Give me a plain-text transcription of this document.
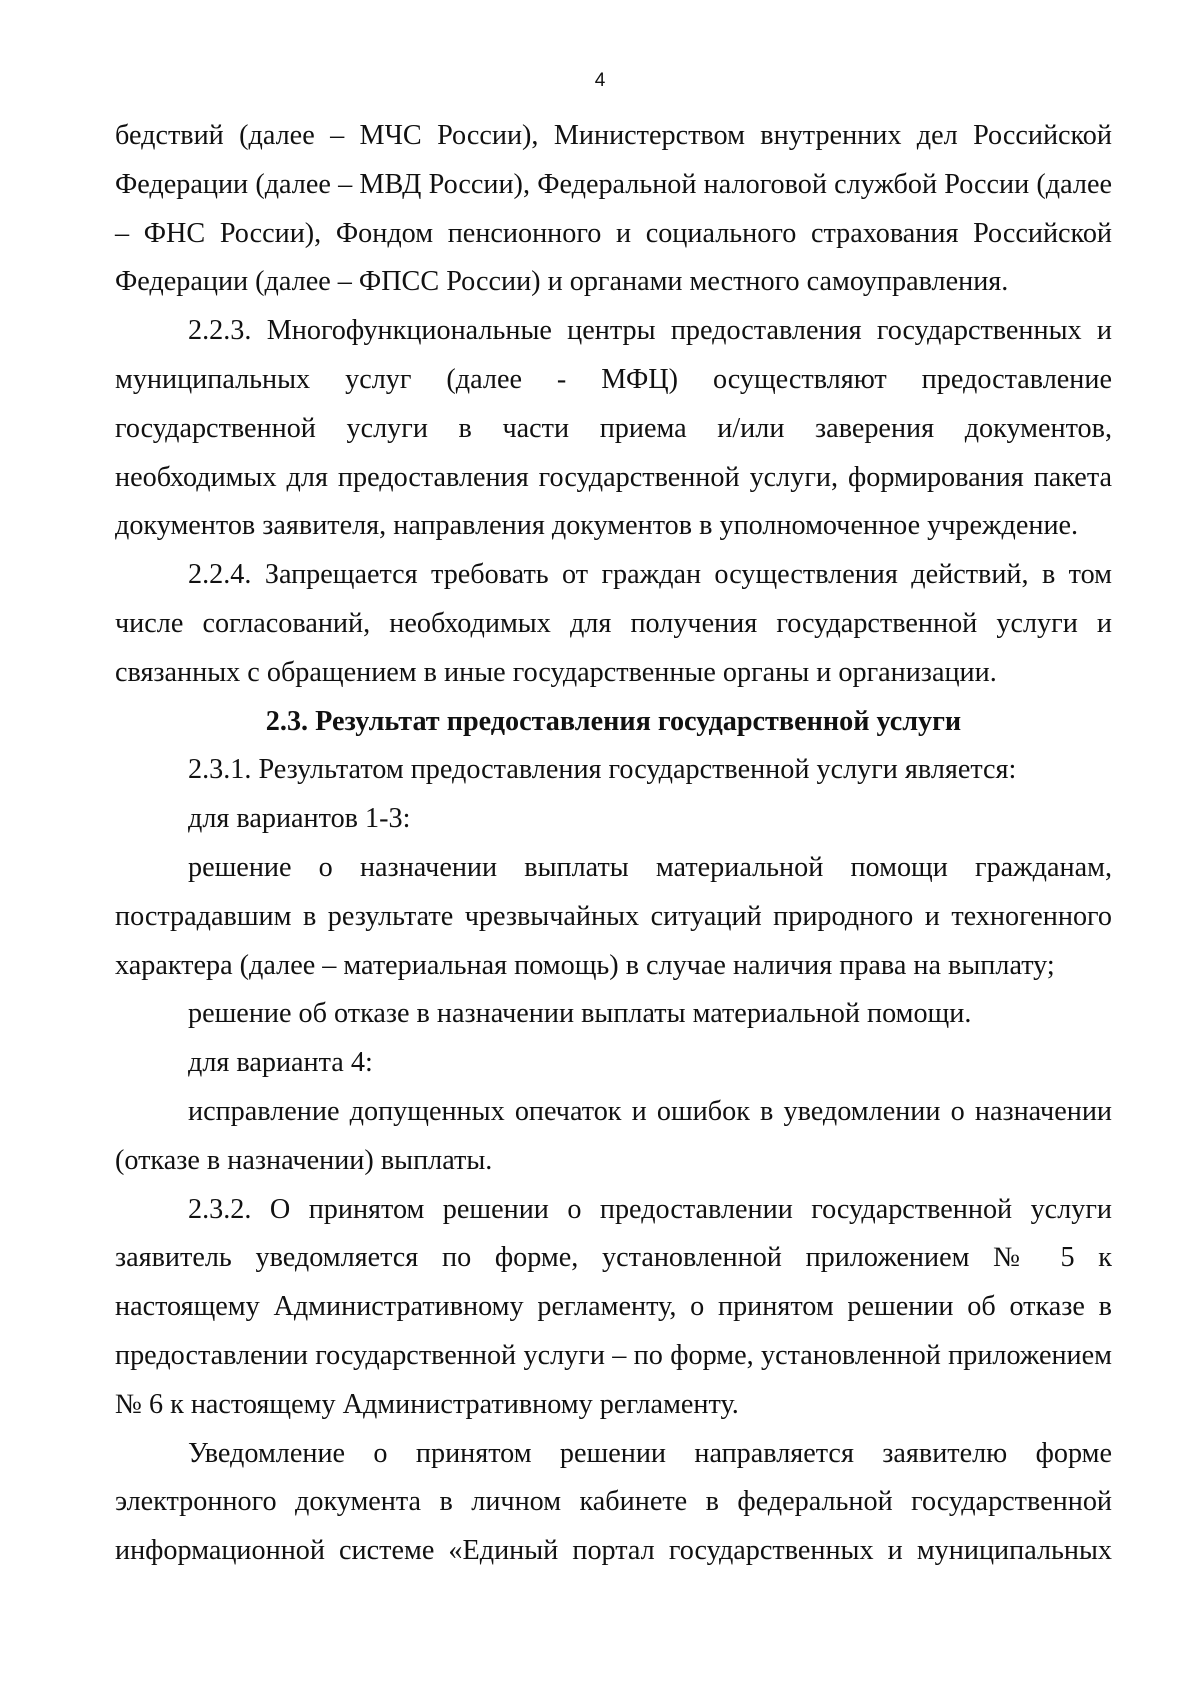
4

бедствий (далее – МЧС России), Министерством внутренних дел Российской Федерации (далее – МВД России), Федеральной налоговой службой России (далее – ФНС России), Фондом пенсионного и социального страхования Российской Федерации (далее – ФПСС России) и органами местного самоуправления.

2.2.3. Многофункциональные центры предоставления государственных и муниципальных услуг (далее - МФЦ) осуществляют предоставление государственной услуги в части приема и/или заверения документов, необходимых для предоставления государственной услуги, формирования пакета документов заявителя, направления документов в уполномоченное учреждение.

2.2.4. Запрещается требовать от граждан осуществления действий, в том числе согласований, необходимых для получения государственной услуги и связанных с обращением в иные государственные органы и организации.

2.3. Результат предоставления государственной услуги

2.3.1. Результатом предоставления государственной услуги является:

для вариантов 1-3:

решение о назначении выплаты материальной помощи гражданам, пострадавшим в результате чрезвычайных ситуаций природного и техногенного характера (далее – материальная помощь) в случае наличия права на выплату;

решение об отказе в назначении выплаты материальной помощи.

для варианта 4:

исправление допущенных опечаток и ошибок в уведомлении о назначении (отказе в назначении) выплаты.

2.3.2. О принятом решении о предоставлении государственной услуги заявитель уведомляется по форме, установленной приложением № 5 к настоящему Административному регламенту, о принятом решении об отказе в предоставлении государственной услуги – по форме, установленной приложением № 6 к настоящему Административному регламенту.

Уведомление о принятом решении направляется заявителю форме электронного документа в личном кабинете в федеральной государственной информационной системе «Единый портал государственных и муниципальных
